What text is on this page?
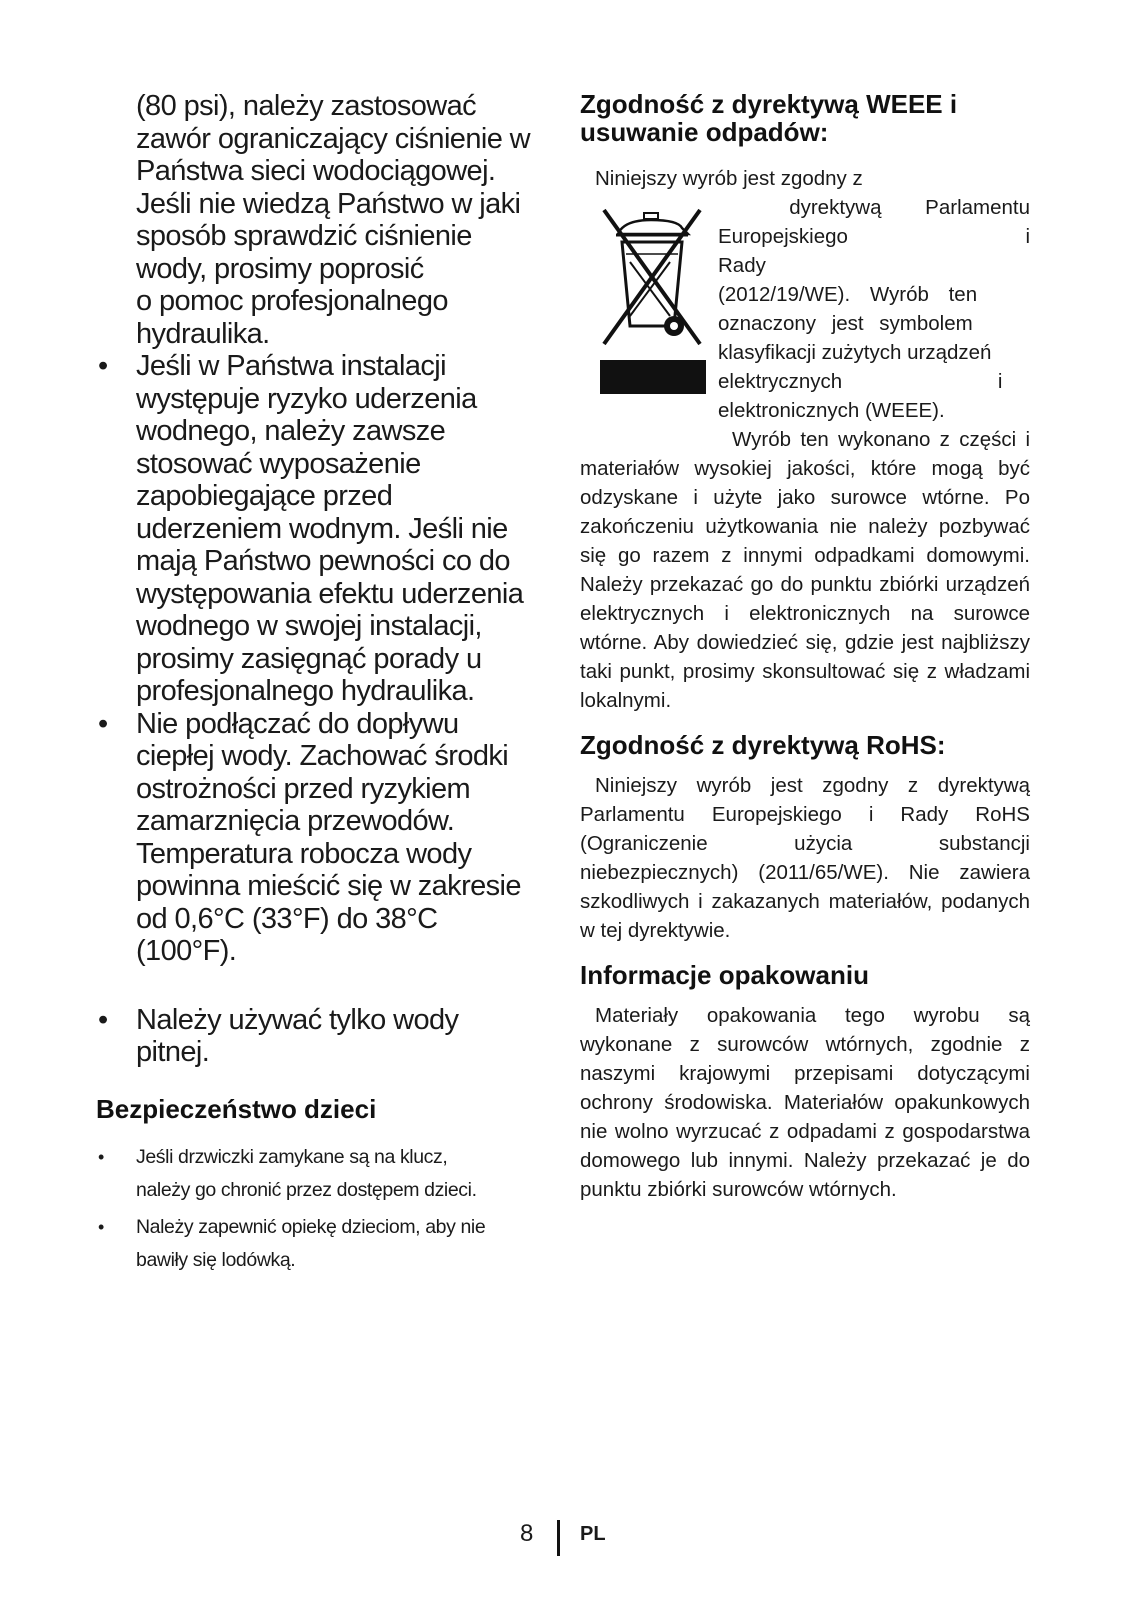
(80 psi), należy zastosować

zawór ograniczający ciśnienie w

Państwa sieci wodociągowej.

Jeśli nie wiedzą Państwo w jaki

sposób sprawdzić ciśnienie

wody, prosimy poprosić

o pomoc profesjonalnego

hydraulika.

• Jeśli w Państwa instalacji
występuje ryzyko uderzenia
wodnego, należy zawsze
stosować wyposażenie
zapobiegające przed
uderzeniem wodnym. Jeśli nie
mają Państwo pewności co do
występowania efektu uderzenia
wodnego w swojej instalacji,
prosimy zasięgnąć porady u
profesjonalnego hydraulika.
• Nie podłączać do dopływu
ciepłej wody. Zachować środki
ostrożności przed ryzykiem
zamarznięcia przewodów.
Temperatura robocza wody
powinna mieścić się w zakresie
od 0,6°C (33°F) do 38°C
(100°F).
• Należy używać tylko wody
pitnej.
Bezpieczeństwo dzieci
• Jeśli drzwiczki zamykane są na klucz,
należy go chronić przez dostępem dzieci.
• Należy zapewnić opiekę dzieciom, aby nie
bawiły się lodówką.
Zgodność z dyrektywą WEEE i
usuwanie odpadów:

Niniejszy wyrób jest zgodny z

dyrektywą Parlamentu

Europejskiego i Rady

(2012/19/WE). Wyrób ten

oznaczony jest symbolem

klasyfikacji zużytych urządzeń

elektrycznych i

elektronicznych (WEEE).

Wyrób ten wykonano z części i materiałów wysokiej jakości, które mogą być odzyskane i użyte jako surowce wtórne. Po zakończeniu użytkowania nie należy pozbywać się go razem z innymi odpadkami domowymi. Należy przekazać go do punktu zbiórki urządzeń elektrycznych i elektronicznych na surowce wtórne. Aby dowiedzieć się, gdzie jest najbliższy taki punkt, prosimy skonsultować się z władzami lokalnymi.

Zgodność z dyrektywą RoHS:

Niniejszy wyrób jest zgodny z dyrektywą Parlamentu Europejskiego i Rady RoHS (Ograniczenie użycia substancji niebezpiecznych) (2011/65/WE). Nie zawiera szkodliwych i zakazanych materiałów, podanych w tej dyrektywie.

Informacje opakowaniu

Materiały opakowania tego wyrobu są wykonane z surowców wtórnych, zgodnie z naszymi krajowymi przepisami dotyczącymi ochrony środowiska. Materiałów opakunkowych nie wolno wyrzucać z odpadami z gospodarstwa domowego lub innymi. Należy przekazać je do punktu zbiórki surowców wtórnych.

8 PL
